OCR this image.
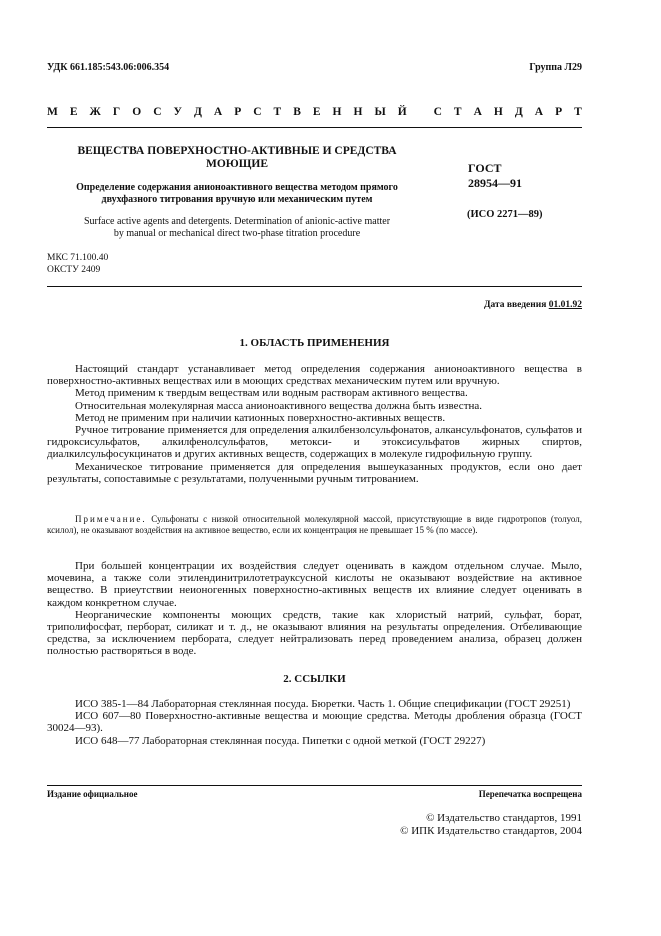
УДК 661.185:543.06:006.354	Группа Л29
М Е Ж Г О С У Д А Р С Т В Е Н Н Ы Й
С Т А Н Д А Р Т
ВЕЩЕСТВА ПОВЕРХНОСТНО-АКТИВНЫЕ И СРЕДСТВА
МОЮЩИЕ
Определение содержания анионоактивного вещества методом прямого
двухфазного титрования вручную или механическим путем
Surface active agents and detergents. Determination of anionic-active matter
by manual or mechanical direct two-phase titration procedure
ГОСТ
28954—91
(ИСО 2271—89)
МКС 71.100.40
ОКСТУ 2409
Дата введения 01.01.92
1. ОБЛАСТЬ ПРИМЕНЕНИЯ

Настоящий стандарт устанавливает метод определения содержания анионоактивного вещества в поверхностно-активных веществах или в моющих средствах механическим путем или вручную.

Метод применим к твердым веществам или водным растворам активного вещества.

Относительная молекулярная масса анионоактивного вещества должна быть известна.

Метод не применим при наличии катионных поверхностно-активных веществ.

Ручное титрование применяется для определения алкилбензолсульфонатов, алкансульфонатов, сульфатов и гидроксисульфатов, алкилфенолсульфатов, метокси- и этоксисульфатов жирных спиртов, диалкилсульфосукцинатов и других активных веществ, содержащих в молекуле гидрофильную группу.

Механическое титрование применяется для определения вышеуказанных продуктов, если оно дает результаты, сопоставимые с результатами, полученными ручным титрованием.

Примечание. Сульфонаты с низкой относительной молекулярной массой, присутствующие в виде гидротропов (толуол, ксилол), не оказывают воздействия на активное вещество, если их концентрация не превышает 15 % (по массе).

При большей концентрации их воздействия следует оценивать в каждом отдельном случае. Мыло, мочевина, а также соли этилендинитрилотетрауксусной кислоты не оказывают воздействие на активное вещество. В приеутствии неионогенных поверхностно-активных веществ их влияние следует оценивать в каждом конкретном случае.

Неорганические компоненты моющих средств, такие как хлористый натрий, сульфат, борат, триполифосфат, перборат, силикат и т. д., не оказывают влияния на результаты определения. Отбеливающие средства, за исключением пербората, следует нейтрализовать перед проведением анализа, образец должен полностью растворяться в воде.

2. ССЫЛКИ

ИСО 385-1—84 Лабораторная стеклянная посуда. Бюретки. Часть 1. Общие спецификации (ГОСТ 29251)

ИСО 607—80 Поверхностно-активные вещества и моющие средства. Методы дробления образца (ГОСТ 30024—93).

ИСО 648—77 Лабораторная стеклянная посуда. Пипетки с одной меткой (ГОСТ 29227)

Издание официальное	Перепечатка воспрещена
© Издательство стандартов, 1991
© ИПК Издательство стандартов, 2004
